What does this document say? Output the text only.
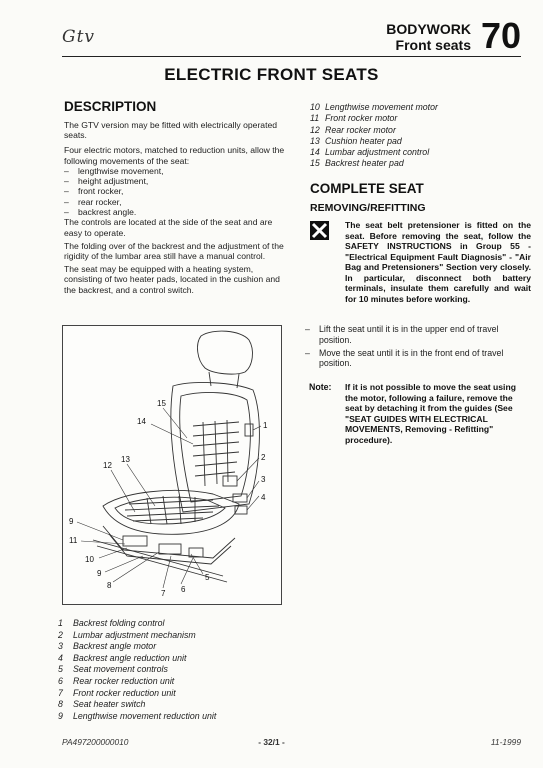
Gtv	BODYWORK
Front seats 70
ELECTRIC FRONT SEATS
DESCRIPTION
The GTV version may be fitted with electrically operated seats.
Four electric motors, matched to reduction units, allow the following movements of the seat:
– lengthwise movement,
– height adjustment,
– front rocker,
– rear rocker,
– backrest angle.
The controls are located at the side of the seat and are easy to operate.
The folding over of the backrest and the adjustment of the rigidity of the lumbar area still have a manual control.
The seat may be equipped with a heating system, consisting of two heater pads, located in the cushion and the backrest, and a control switch.
15
14	1
13
12
2
3
4
9
11
10
9
8
7 6
5
10 Lengthwise movement motor
11 Front rocker motor
12 Rear rocker motor
13 Cushion heater pad
14 Lumbar adjustment control
15 Backrest heater pad
COMPLETE SEAT
REMOVING/REFITTING
The seat belt pretensioner is fitted on the seat. Before removing the seat, follow the SAFETY INSTRUCTIONS in Group 55 - "Electrical Equipment Fault Diagnosis" - "Air Bag and Pretensioners" Section very closely. In particular, disconnect both battery terminals, insulate them carefully and wait for 10 minutes before working.
– Lift the seat until it is in the upper end of travel position.
– Move the seat until it is in the front end of travel position.
Note: If it is not possible to move the seat using the motor, following a failure, remove the seat by detaching it from the guides (See "SEAT GUIDES WITH ELECTRICAL MOVEMENTS, Removing - Refitting" procedure).
1	Backrest folding control
2	Lumbar adjustment mechanism
3	Backrest angle motor
4	Backrest angle reduction unit
5	Seat movement controls
6	Rear rocker reduction unit
7	Front rocker reduction unit
8	Seat heater switch
9	Lengthwise movement reduction unit
PA497200000010	- 32/1 -	11-1999
